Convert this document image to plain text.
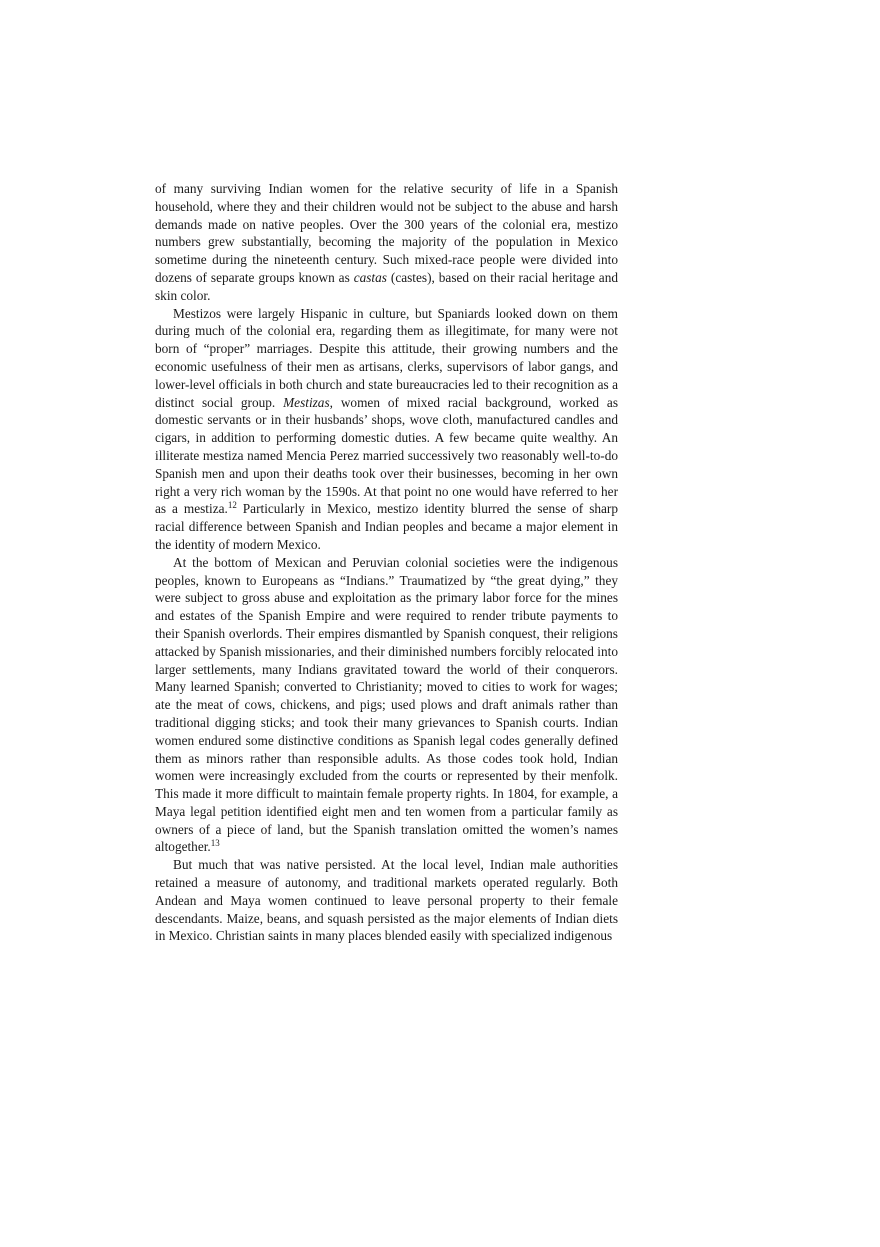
of many surviving Indian women for the relative security of life in a Spanish household, where they and their children would not be subject to the abuse and harsh demands made on native peoples. Over the 300 years of the colonial era, mestizo numbers grew substantially, becoming the majority of the population in Mexico sometime during the nineteenth century. Such mixed-race people were divided into dozens of separate groups known as castas (castes), based on their racial heritage and skin color.

Mestizos were largely Hispanic in culture, but Spaniards looked down on them during much of the colonial era, regarding them as illegitimate, for many were not born of “proper” marriages. Despite this attitude, their growing numbers and the economic usefulness of their men as artisans, clerks, supervisors of labor gangs, and lower-level officials in both church and state bureaucracies led to their recognition as a distinct social group. Mestizas, women of mixed racial background, worked as domestic servants or in their husbands’ shops, wove cloth, manufactured candles and cigars, in addition to performing domestic duties. A few became quite wealthy. An illiterate mestiza named Mencia Perez married successively two reasonably well-to-do Spanish men and upon their deaths took over their businesses, becoming in her own right a very rich woman by the 1590s. At that point no one would have referred to her as a mestiza.$^{12}$ Particularly in Mexico, mestizo identity blurred the sense of sharp racial difference between Spanish and Indian peoples and became a major element in the identity of modern Mexico.

At the bottom of Mexican and Peruvian colonial societies were the indigenous peoples, known to Europeans as “Indians.” Traumatized by “the great dying,” they were subject to gross abuse and exploitation as the primary labor force for the mines and estates of the Spanish Empire and were required to render tribute payments to their Spanish overlords. Their empires dismantled by Spanish conquest, their religions attacked by Spanish missionaries, and their diminished numbers forcibly relocated into larger settlements, many Indians gravitated toward the world of their conquerors. Many learned Spanish; converted to Christianity; moved to cities to work for wages; ate the meat of cows, chickens, and pigs; used plows and draft animals rather than traditional digging sticks; and took their many grievances to Spanish courts. Indian women endured some distinctive conditions as Spanish legal codes generally defined them as minors rather than responsible adults. As those codes took hold, Indian women were increasingly excluded from the courts or represented by their menfolk. This made it more difficult to maintain female property rights. In 1804, for example, a Maya legal petition identified eight men and ten women from a particular family as owners of a piece of land, but the Spanish translation omitted the women’s names altogether.$^{13}$

But much that was native persisted. At the local level, Indian male authorities retained a measure of autonomy, and traditional markets operated regularly. Both Andean and Maya women continued to leave personal property to their female descendants. Maize, beans, and squash persisted as the major elements of Indian diets in Mexico. Christian saints in many places blended easily with specialized indigenous
